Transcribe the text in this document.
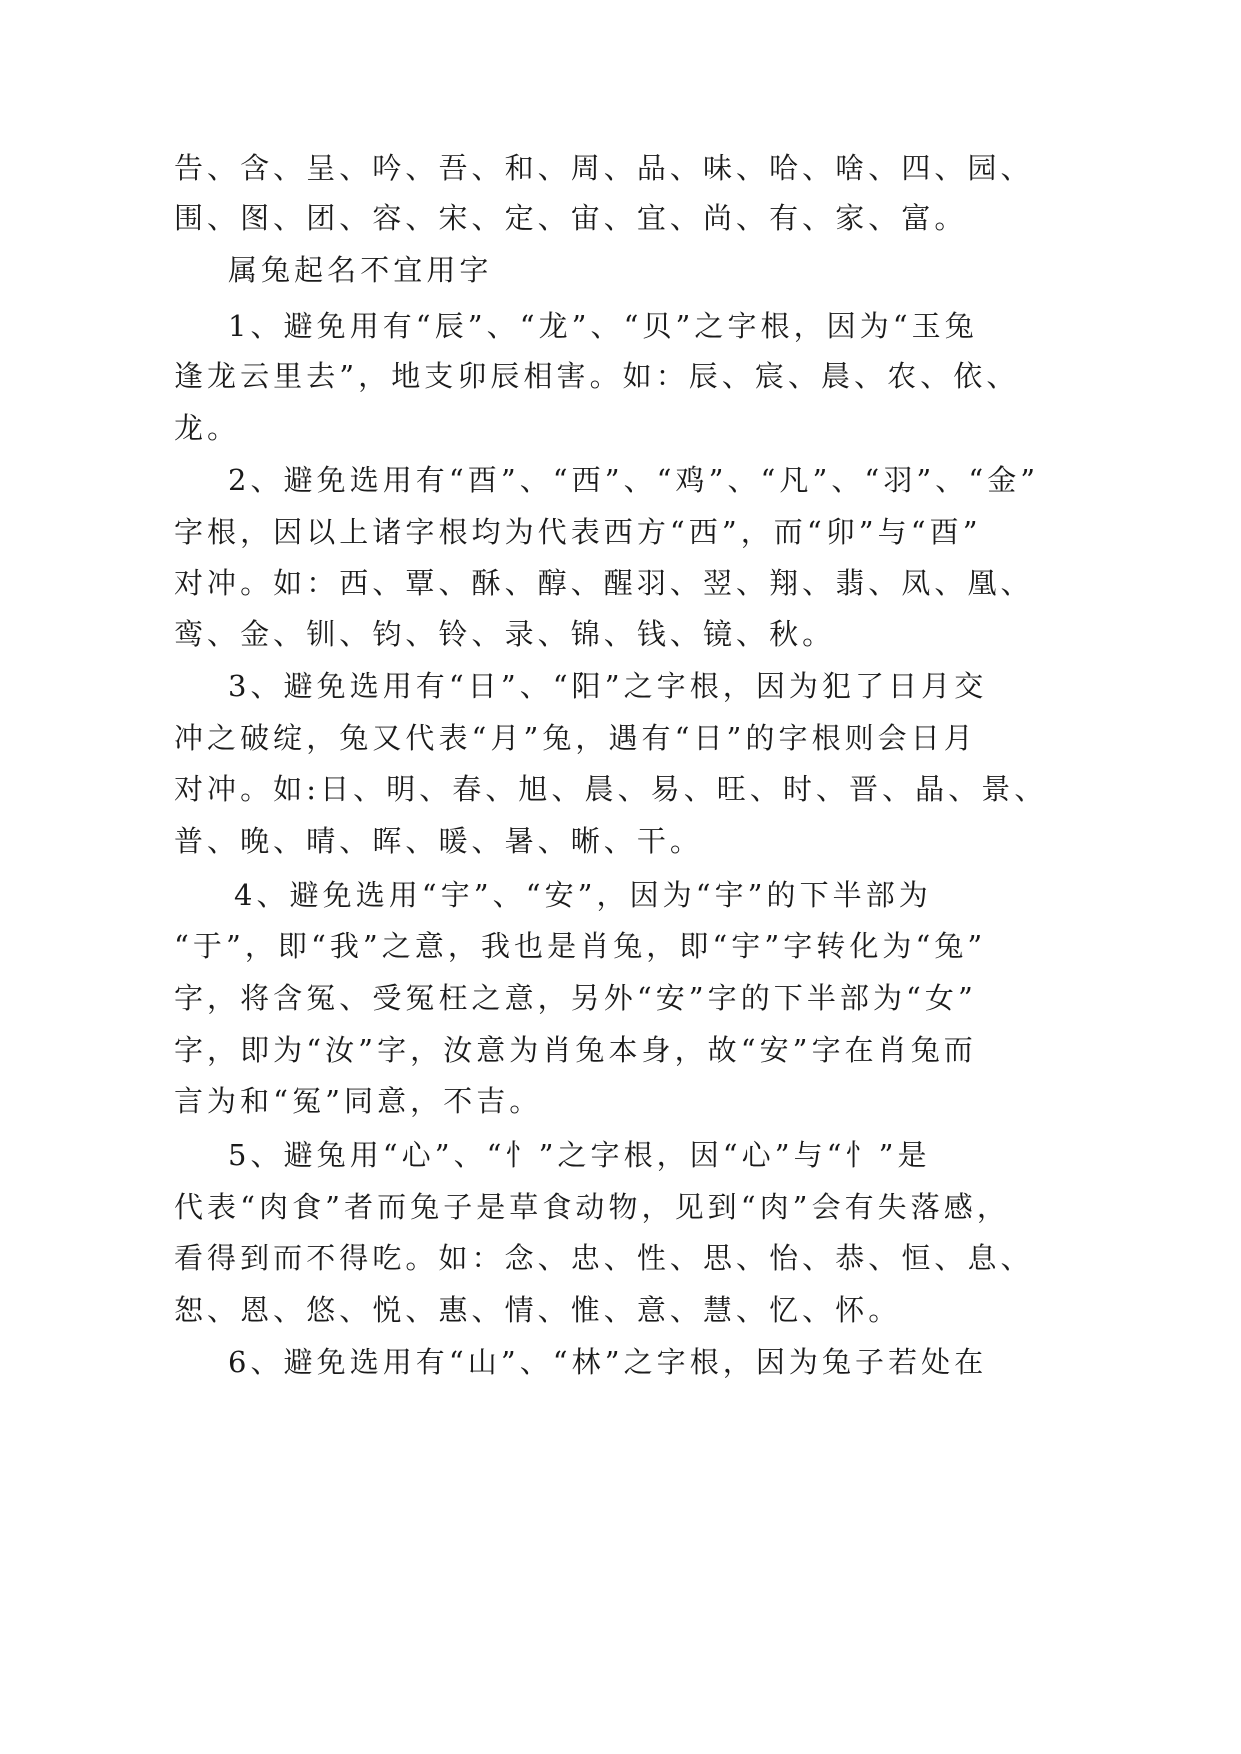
告、含、呈、吟、吾、和、周、品、味、哈、啥、四、园、
围、图、团、容、宋、定、宙、宜、尚、有、家、富。
属兔起名不宜用字
1、避免用有“辰”、“龙”、“贝”之字根，因为“玉兔
逢龙云里去”，地支卯辰相害。如：辰、宸、晨、农、依、
龙。
2、避免选用有“酉”、“西”、“鸡”、“凡”、“羽”、“金”
字根，因以上诸字根均为代表西方“西”，而“卯”与“酉”
对冲。如：西、覃、酥、醇、醒羽、翌、翔、翡、凤、凰、
鸾、金、钏、钧、铃、录、锦、钱、镜、秋。
3、避免选用有“日”、“阳”之字根，因为犯了日月交
冲之破绽，兔又代表“月”兔，遇有“日”的字根则会日月
对冲。如:日、明、春、旭、晨、易、旺、时、晋、晶、景、
普、晚、晴、晖、暖、暑、晰、干。
4、避免选用“宇”、“安”，因为“宇”的下半部为
“于”，即“我”之意，我也是肖兔，即“宇”字转化为“兔”
字，将含冤、受冤枉之意，另外“安”字的下半部为“女”
字，即为“汝”字，汝意为肖兔本身，故“安”字在肖兔而
言为和“冤”同意，不吉。
5、避兔用“心”、“忄”之字根，因“心”与“忄”是
代表“肉食”者而兔子是草食动物，见到“肉”会有失落感，
看得到而不得吃。如：念、忠、性、思、怡、恭、恒、息、
恕、恩、悠、悦、惠、情、惟、意、慧、忆、怀。
6、避免选用有“山”、“林”之字根，因为兔子若处在
